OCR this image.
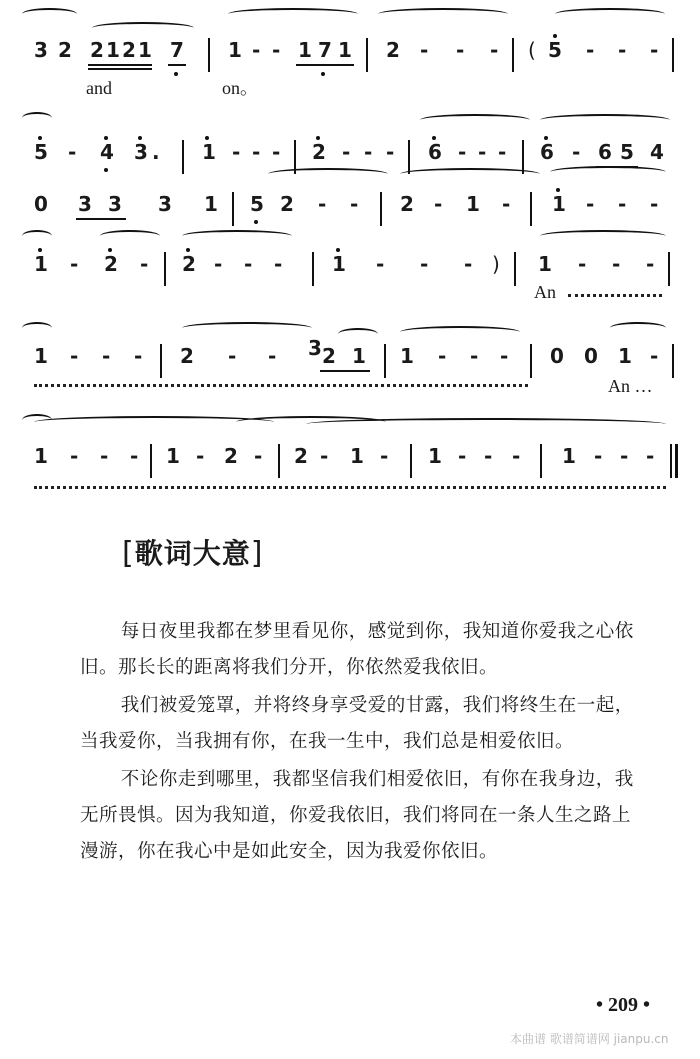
3 2 2 1 2 1 7 1 - - 1 7 1 2 - - - ( 5 - - -
and	on。
5 - 4 3 . 1 - - - 2 - - - 6 - - - 6 - 6 5 4
0 3 3 3 1 5 2 - - 2 - 1 - 1 - - -
1 - 2 - 2 - - - 1 - - - ) 1 - - -
An
1 - - - 2 - - 2 1 1 - - - 0 0 1 -
3
An …
1 - - - 1 - 2 - 2 - 1 - 1 - - - 1 - - -
[歌词大意]

每日夜里我都在梦里看见你，感觉到你，我知道你爱我之心依旧。那长长的距离将我们分开，你依然爱我依旧。

我们被爱笼罩，并将终身享受爱的甘露，我们将终生在一起，当我爱你，当我拥有你，在我一生中，我们总是相爱依旧。

不论你走到哪里，我都坚信我们相爱依旧，有你在我身边，我无所畏惧。因为我知道，你爱我依旧，我们将同在一条人生之路上漫游，你在我心中是如此安全，因为我爱你依旧。

• 209 •
本曲谱 歌谱简谱网 jianpu.cn
